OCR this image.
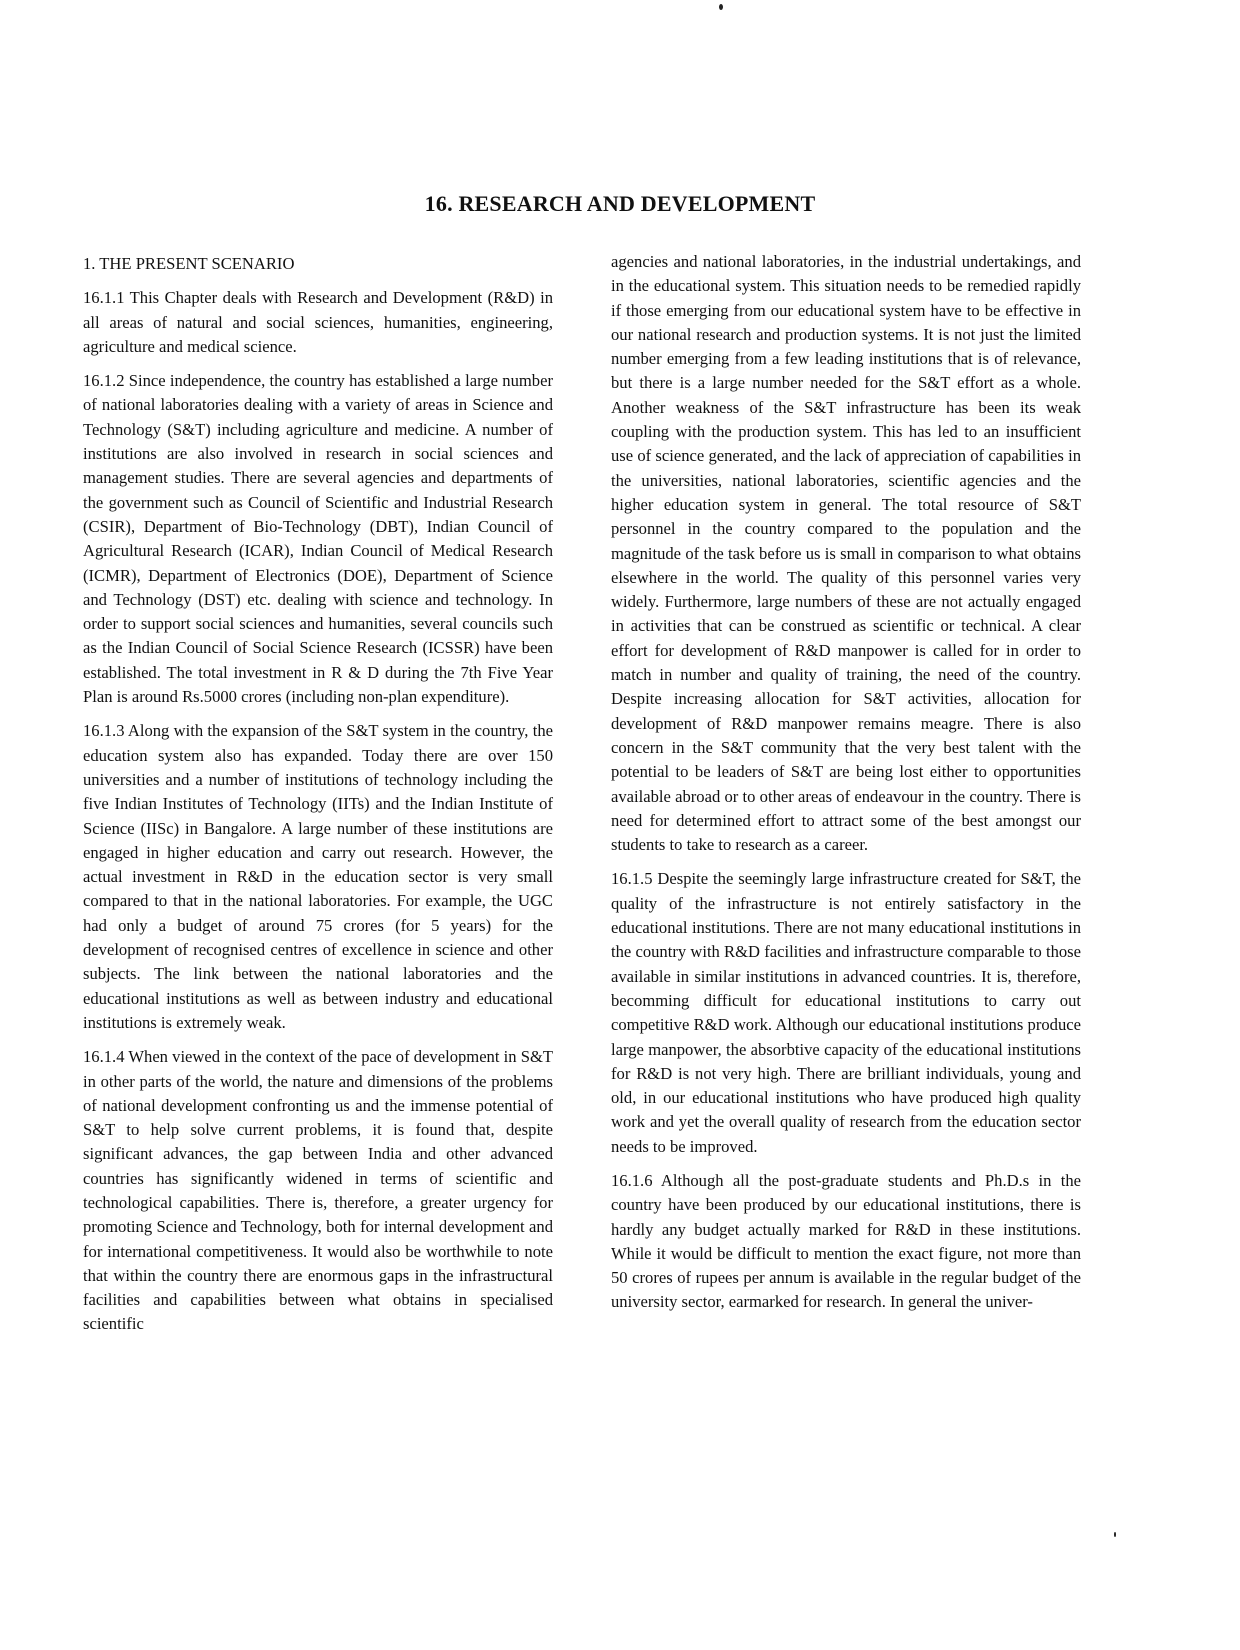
16. RESEARCH AND DEVELOPMENT

1. THE PRESENT SCENARIO

16.1.1 This Chapter deals with Research and Development (R&D) in all areas of natural and social sciences, humanities, engineering, agriculture and medical science.

16.1.2 Since independence, the country has established a large number of national laboratories dealing with a variety of areas in Science and Technology (S&T) including agriculture and medicine. A number of institutions are also involved in research in social sciences and management studies. There are several agencies and departments of the government such as Council of Scientific and Industrial Research (CSIR), Department of Bio-Technology (DBT), Indian Council of Agricultural Research (ICAR), Indian Council of Medical Research (ICMR), Department of Electronics (DOE), Department of Science and Technology (DST) etc. dealing with science and technology. In order to support social sciences and humanities, several councils such as the Indian Council of Social Science Research (ICSSR) have been established. The total investment in R & D during the 7th Five Year Plan is around Rs.5000 crores (including non-plan expenditure).

16.1.3 Along with the expansion of the S&T system in the country, the education system also has expanded. Today there are over 150 universities and a number of institutions of technology including the five Indian Institutes of Technology (IITs) and the Indian Institute of Science (IISc) in Bangalore. A large number of these institutions are engaged in higher education and carry out research. However, the actual investment in R&D in the education sector is very small compared to that in the national laboratories. For example, the UGC had only a budget of around 75 crores (for 5 years) for the development of recognised centres of excellence in science and other subjects. The link between the national laboratories and the educational institutions as well as between industry and educational institutions is extremely weak.

16.1.4 When viewed in the context of the pace of development in S&T in other parts of the world, the nature and dimensions of the problems of national development confronting us and the immense potential of S&T to help solve current problems, it is found that, despite significant advances, the gap between India and other advanced countries has significantly widened in terms of scientific and technological capabilities. There is, therefore, a greater urgency for promoting Science and Technology, both for internal development and for international competitiveness. It would also be worthwhile to note that within the country there are enormous gaps in the infrastructural facilities and capabilities between what obtains in specialised scientific

agencies and national laboratories, in the industrial undertakings, and in the educational system. This situation needs to be remedied rapidly if those emerging from our educational system have to be effective in our national research and production systems. It is not just the limited number emerging from a few leading institutions that is of relevance, but there is a large number needed for the S&T effort as a whole. Another weakness of the S&T infrastructure has been its weak coupling with the production system. This has led to an insufficient use of science generated, and the lack of appreciation of capabilities in the universities, national laboratories, scientific agencies and the higher education system in general. The total resource of S&T personnel in the country compared to the population and the magnitude of the task before us is small in comparison to what obtains elsewhere in the world. The quality of this personnel varies very widely. Furthermore, large numbers of these are not actually engaged in activities that can be construed as scientific or technical. A clear effort for development of R&D manpower is called for in order to match in number and quality of training, the need of the country. Despite increasing allocation for S&T activities, allocation for development of R&D manpower remains meagre. There is also concern in the S&T community that the very best talent with the potential to be leaders of S&T are being lost either to opportunities available abroad or to other areas of endeavour in the country. There is need for determined effort to attract some of the best amongst our students to take to research as a career.

16.1.5 Despite the seemingly large infrastructure created for S&T, the quality of the infrastructure is not entirely satisfactory in the educational institutions. There are not many educational institutions in the country with R&D facilities and infrastructure comparable to those available in similar institutions in advanced countries. It is, therefore, becomming difficult for educational institutions to carry out competitive R&D work. Although our educational institutions produce large manpower, the absorbtive capacity of the educational institutions for R&D is not very high. There are brilliant individuals, young and old, in our educational institutions who have produced high quality work and yet the overall quality of research from the education sector needs to be improved.

16.1.6 Although all the post-graduate students and Ph.D.s in the country have been produced by our educational institutions, there is hardly any budget actually marked for R&D in these institutions. While it would be difficult to mention the exact figure, not more than 50 crores of rupees per annum is available in the regular budget of the university sector, earmarked for research. In general the univer-
